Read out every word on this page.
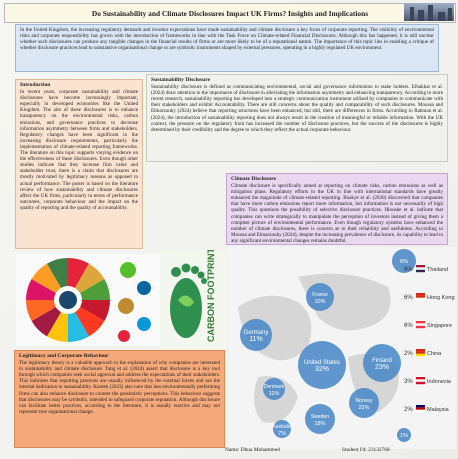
Do Sustainability and Climate Disclosures Impact UK Firms? Insights and Implications

In the United Kingdom, the increasing regulatory demands and investor expectations have made sustainability and climate disclosure a key focus of corporate reporting. The visibility of environmental risks and corporate responsibility has grown with the introduction of frameworks in line with the Task Force on Climate-related Financial Disclosures. Although this has happened, it is still unclear whether such disclosures can produce any tangible changes in the financial results of firms or are more likely to be of a reputational nature. The importance of this topic lies in enabling a critique of whether disclosure practices lead to substantive organisational change or are symbolic instruments shaped by external pressures, operating in a highly regulated UK environment.

Introduction

In recent years, corporate sustainability and climate disclosures have become increasingly important, especially in developed economies like the United Kingdom. The aim of these disclosures is to enhance transparency on the environmental risks, carbon emissions, and governance practices to decrease information asymmetry between firms and stakeholders. Regulatory changes have been significant in the increasing disclosure requirements, particularly the implementation of climate-related reporting frameworks. The literature on this topic supports varying evidence on the effectiveness of these disclosures. Even though other studies indicate that they increase firm value and stakeholder trust, there is a claim that disclosures are mostly motivated by legitimacy reasons as opposed to actual performance. The poster is based on the literature review of how sustainability and climate disclosures affect the UK firms, particularly in terms of performance outcomes, corporate behaviour and the impact on the quality of reporting and the quality of accountability.

Sustainability Disclosure

Sustainability disclosure is defined as communicating environmental, social and governance information to stake holders. Elbakkar et al. (2024) draw attention to the importance of disclosure in alleviating the information asymmetry and enhancing transparency. According to more recent research, sustainability reporting has developed into a strategic communication instrument utilised by companies to communicate with their stakeholders and exhibit Accountability. There are still concerns about the quality and comparability of such disclosures. Moussa and Elmarzouky (2024) believe that reporting structures have been enhanced, but still, there are differences in firms. According to Rahman et al. (2024), the introduction of sustainability reporting does not always result in the creation of meaningful or reliable information. With the UK context, the pressure on the regulatory front has increased the number of disclosure practices, but the success of the disclosures is highly determined by their credibility and the degree to which they reflect the actual corporate behaviour.

Climate Disclosure

Climate disclosure is specifically aimed at reporting on climate risks, carbon emissions as well as mitigation plans. Regulatory efforts in the UK in line with international standards have greatly enhanced the magnitude of climate-related reporting. Boakye et al. (2020) discovered that companies that have more carbon emissions report more information, but information is not necessarily of high quality. This questions the possibility of selective disclosure practices. Hlouske et al. indicate that companies can write strategically to manipulate the perception of investors instead of giving them a complete picture of environmental performance. Even though regulatory systems have enhanced the number of climate disclosures, there is concern as to their reliability and usefulness. According to Moussa and Elmarzouky (2024), despite the increasing prevalence of disclosure, its capability to lead to any significant environmental changes remains doubtful.

CARBON FOOTPRINT
Legitimacy and Corporate Behaviour

The legitimacy theory is a valuable approach to the explanation of why companies are interested in sustainability and climate disclosure. Tang et al. (2024) assert that disclosure is a key tool through which companies seek social approval and address the expectations of their stakeholders. This indicates that reporting practices are usually influenced by the external forces and not the internal dedication to sustainability. Kontek (2023) also note that less environmentally performing firms can also enhance disclosure to counter the pessimistic perceptions. This behaviour suggests that disclosures may be symbolic, intended to safeguard corporate reputation. Although disclosure can facilitate better practices, according to the literature, it is usually reactive and may not represent true organisational change.

France
10%
Germany
11%
United States
32%
Denmark
11%
Sweden
18%
Finland
23%
Norway
22%
Australia
7%
6%
1%
6%	Thailand
6%	Hong Kong
6%	Singapore
2%	China
3%	Indonesia
2%	Malaysia
Name: Dhua Mohammed	Student I'd: 23132768
